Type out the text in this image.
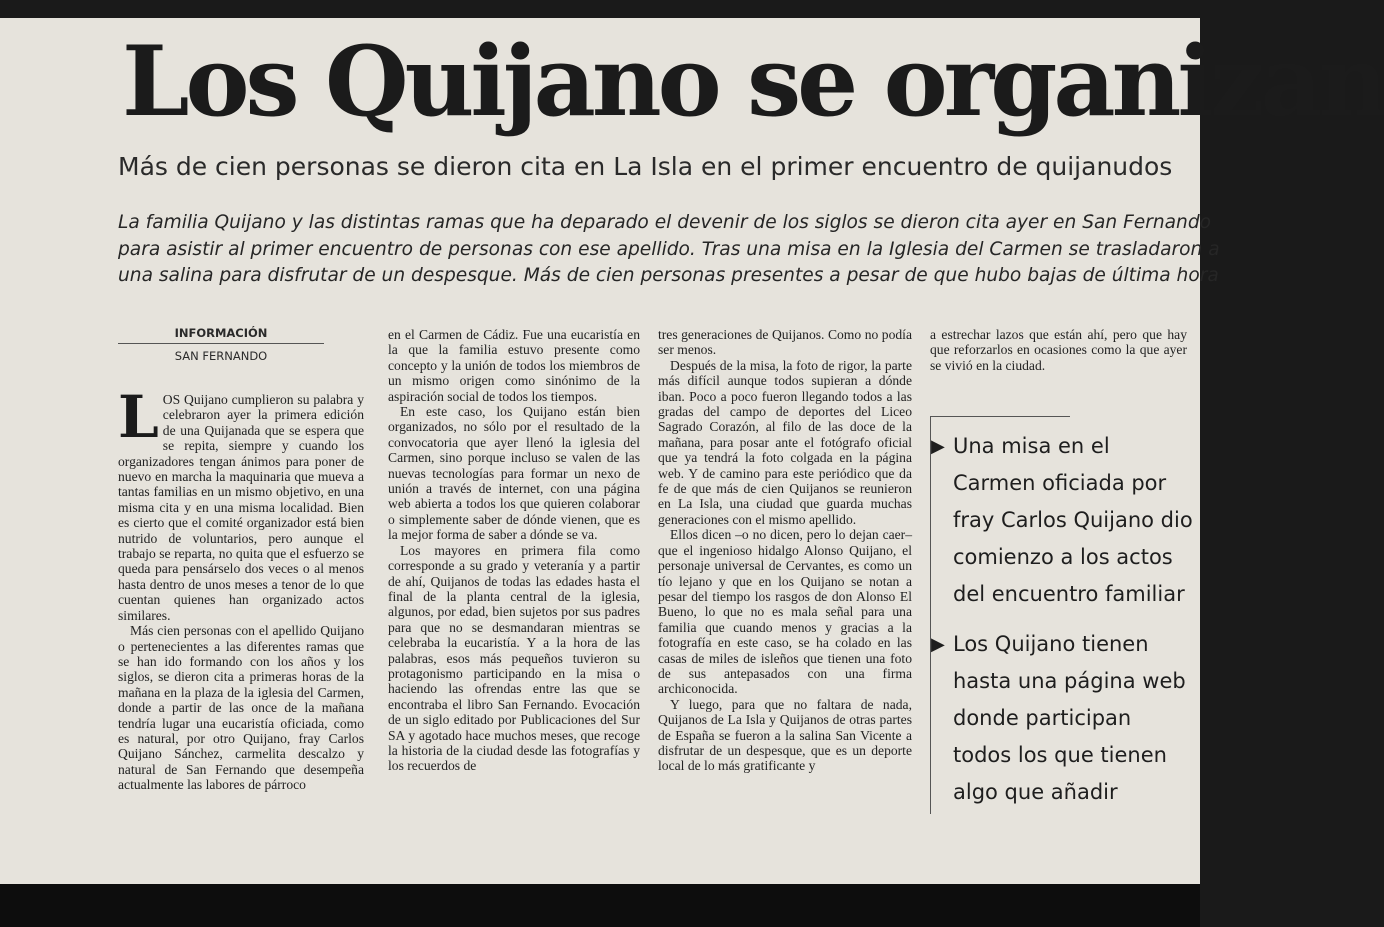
Los Quijano se organizan
Más de cien personas se dieron cita en La Isla en el primer encuentro de quijanudos
La familia Quijano y las distintas ramas que ha deparado el devenir de los siglos se dieron cita ayer en San Fernando
para asistir al primer encuentro de personas con ese apellido. Tras una misa en la Iglesia del Carmen se trasladaron a
una salina para disfrutar de un despesque. Más de cien personas presentes a pesar de que hubo bajas de última hora
INFORMACIÓN
SAN FERNANDO

LOS Quijano cumplieron su palabra y celebraron ayer la primera edición de una Quijanada que se espera que se repita, siempre y cuando los organizadores tengan ánimos para poner de nuevo en marcha la maquinaria que mueva a tantas familias en un mismo objetivo, en una misma cita y en una misma localidad. Bien es cierto que el comité organizador está bien nutrido de voluntarios, pero aunque el trabajo se reparta, no quita que el esfuerzo se queda para pensárselo dos veces o al menos hasta dentro de unos meses a tenor de lo que cuentan quienes han organizado actos similares.

Más cien personas con el apellido Quijano o pertenecientes a las diferentes ramas que se han ido formando con los años y los siglos, se dieron cita a primeras horas de la mañana en la plaza de la iglesia del Carmen, donde a partir de las once de la mañana tendría lugar una eucaristía oficiada, como es natural, por otro Quijano, fray Carlos Quijano Sánchez, carmelita descalzo y natural de San Fernando que desempeña actualmente las labores de párroco

en el Carmen de Cádiz. Fue una eucaristía en la que la familia estuvo presente como concepto y la unión de todos los miembros de un mismo origen como sinónimo de la aspiración social de todos los tiempos.

En este caso, los Quijano están bien organizados, no sólo por el resultado de la convocatoria que ayer llenó la iglesia del Carmen, sino porque incluso se valen de las nuevas tecnologías para formar un nexo de unión a través de internet, con una página web abierta a todos los que quieren colaborar o simplemente saber de dónde vienen, que es la mejor forma de saber a dónde se va.

Los mayores en primera fila como corresponde a su grado y veteranía y a partir de ahí, Quijanos de todas las edades hasta el final de la planta central de la iglesia, algunos, por edad, bien sujetos por sus padres para que no se desmandaran mientras se celebraba la eucaristía. Y a la hora de las palabras, esos más pequeños tuvieron su protagonismo participando en la misa o haciendo las ofrendas entre las que se encontraba el libro San Fernando. Evocación de un siglo editado por Publicaciones del Sur SA y agotado hace muchos meses, que recoge la historia de la ciudad desde las fotografías y los recuerdos de

tres generaciones de Quijanos. Como no podía ser menos.

Después de la misa, la foto de rigor, la parte más difícil aunque todos supieran a dónde iban. Poco a poco fueron llegando todos a las gradas del campo de deportes del Liceo Sagrado Corazón, al filo de las doce de la mañana, para posar ante el fotógrafo oficial que ya tendrá la foto colgada en la página web. Y de camino para este periódico que da fe de que más de cien Quijanos se reunieron en La Isla, una ciudad que guarda muchas generaciones con el mismo apellido.

Ellos dicen –o no dicen, pero lo dejan caer– que el ingenioso hidalgo Alonso Quijano, el personaje universal de Cervantes, es como un tío lejano y que en los Quijano se notan a pesar del tiempo los rasgos de don Alonso El Bueno, lo que no es mala señal para una familia que cuando menos y gracias a la fotografía en este caso, se ha colado en las casas de miles de isleños que tienen una foto de sus antepasados con una firma archiconocida.

Y luego, para que no faltara de nada, Quijanos de La Isla y Quijanos de otras partes de España se fueron a la salina San Vicente a disfrutar de un despesque, que es un deporte local de lo más gratificante y

a estrechar lazos que están ahí, pero que hay que reforzarlos en ocasiones como la que ayer se vivió en la ciudad.

▶ Una misa en el Carmen oficiada por fray Carlos Quijano dio comienzo a los actos del encuentro familiar
▶ Los Quijano tienen hasta una página web donde participan todos los que tienen algo que añadir
